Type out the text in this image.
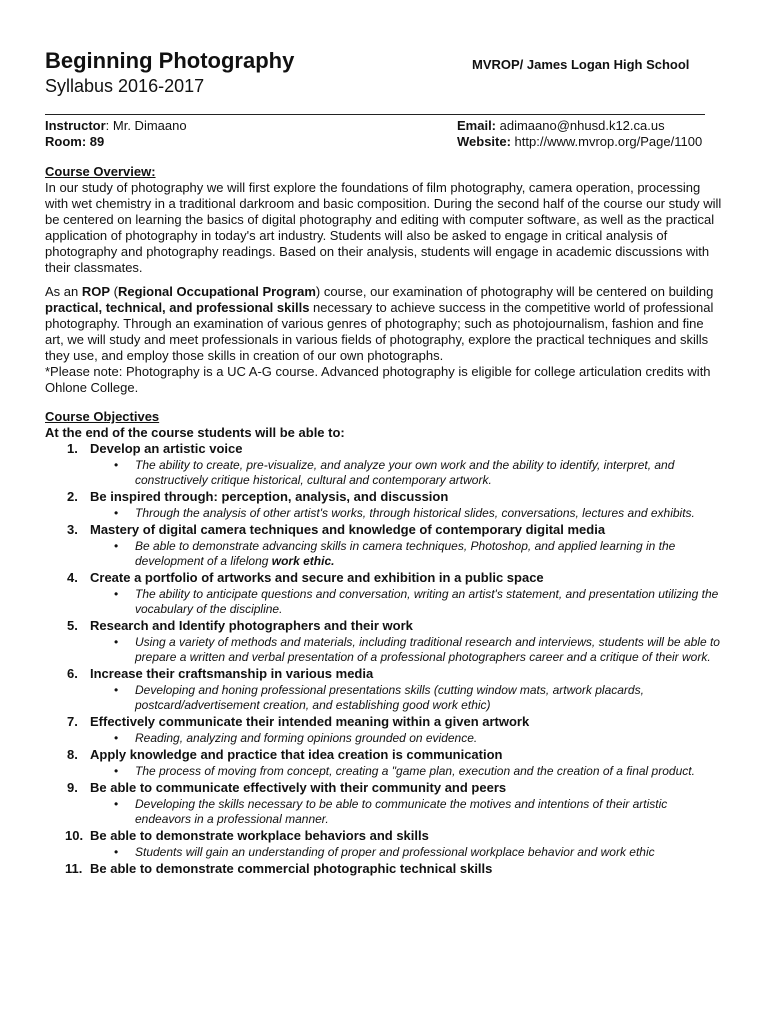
Beginning Photography	MVROP/ James Logan High School
Syllabus 2016-2017
Instructor: Mr. Dimaano
Room: 89
Email: adimaano@nhusd.k12.ca.us
Website: http://www.mvrop.org/Page/1100
Course Overview:

In our study of photography we will first explore the foundations of film photography, camera operation, processing with wet chemistry in a traditional darkroom and basic composition. During the second half of the course our study will be centered on learning the basics of digital photography and editing with computer software, as well as the practical application of photography in today's art industry. Students will also be asked to engage in critical analysis of photography and photography readings. Based on their analysis, students will engage in academic discussions with their classmates.

As an ROP (Regional Occupational Program) course, our examination of photography will be centered on building practical, technical, and professional skills necessary to achieve success in the competitive world of professional photography. Through an examination of various genres of photography; such as photojournalism, fashion and fine art, we will study and meet professionals in various fields of photography, explore the practical techniques and skills they use, and employ those skills in creation of our own photographs.

*Please note: Photography is a UC A-G course. Advanced photography is eligible for college articulation credits with Ohlone College.

Course Objectives
At the end of the course students will be able to:
1. Develop an artistic voice
• The ability to create, pre-visualize, and analyze your own work and the ability to identify, interpret, and constructively critique historical, cultural and contemporary artwork.
2. Be inspired through: perception, analysis, and discussion
• Through the analysis of other artist's works, through historical slides, conversations, lectures and exhibits.
3. Mastery of digital camera techniques and knowledge of contemporary digital media
• Be able to demonstrate advancing skills in camera techniques, Photoshop, and applied learning in the development of a lifelong work ethic.
4. Create a portfolio of artworks and secure and exhibition in a public space
• The ability to anticipate questions and conversation, writing an artist's statement, and presentation utilizing the vocabulary of the discipline.
5. Research and Identify photographers and their work
• Using a variety of methods and materials, including traditional research and interviews, students will be able to prepare a written and verbal presentation of a professional photographers career and a critique of their work.
6. Increase their craftsmanship in various media
• Developing and honing professional presentations skills (cutting window mats, artwork placards, postcard/advertisement creation, and establishing good work ethic)
7. Effectively communicate their intended meaning within a given artwork
• Reading, analyzing and forming opinions grounded on evidence.
8. Apply knowledge and practice that idea creation is communication
• The process of moving from concept, creating a "game plan, execution and the creation of a final product.
9. Be able to communicate effectively with their community and peers
• Developing the skills necessary to be able to communicate the motives and intentions of their artistic endeavors in a professional manner.
10. Be able to demonstrate workplace behaviors and skills
• Students will gain an understanding of proper and professional workplace behavior and work ethic
11. Be able to demonstrate commercial photographic technical skills
